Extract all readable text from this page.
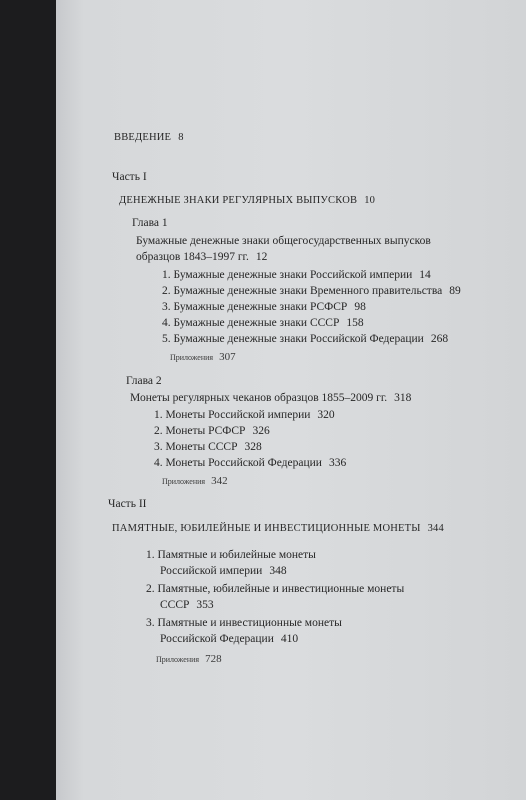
ВВЕДЕНИЕ 8
Часть I
ДЕНЕЖНЫЕ ЗНАКИ РЕГУЛЯРНЫХ ВЫПУСКОВ 10
Глава 1
Бумажные денежные знаки общегосударственных выпусков
образцов 1843–1997 гг. 12
1. Бумажные денежные знаки Российской империи 14
2. Бумажные денежные знаки Временного правительства 89
3. Бумажные денежные знаки РСФСР 98
4. Бумажные денежные знаки СССР 158
5. Бумажные денежные знаки Российской Федерации 268
Приложения 307
Глава 2
Монеты регулярных чеканов образцов 1855–2009 гг. 318
1. Монеты Российской империи 320
2. Монеты РСФСР 326
3. Монеты СССР 328
4. Монеты Российской Федерации 336
Приложения 342
Часть II
ПАМЯТНЫЕ, ЮБИЛЕЙНЫЕ И ИНВЕСТИЦИОННЫЕ МОНЕТЫ 344
1. Памятные и юбилейные монеты
Российской империи 348
2. Памятные, юбилейные и инвестиционные монеты
СССР 353
3. Памятные и инвестиционные монеты
Российской Федерации 410
Приложения 728
